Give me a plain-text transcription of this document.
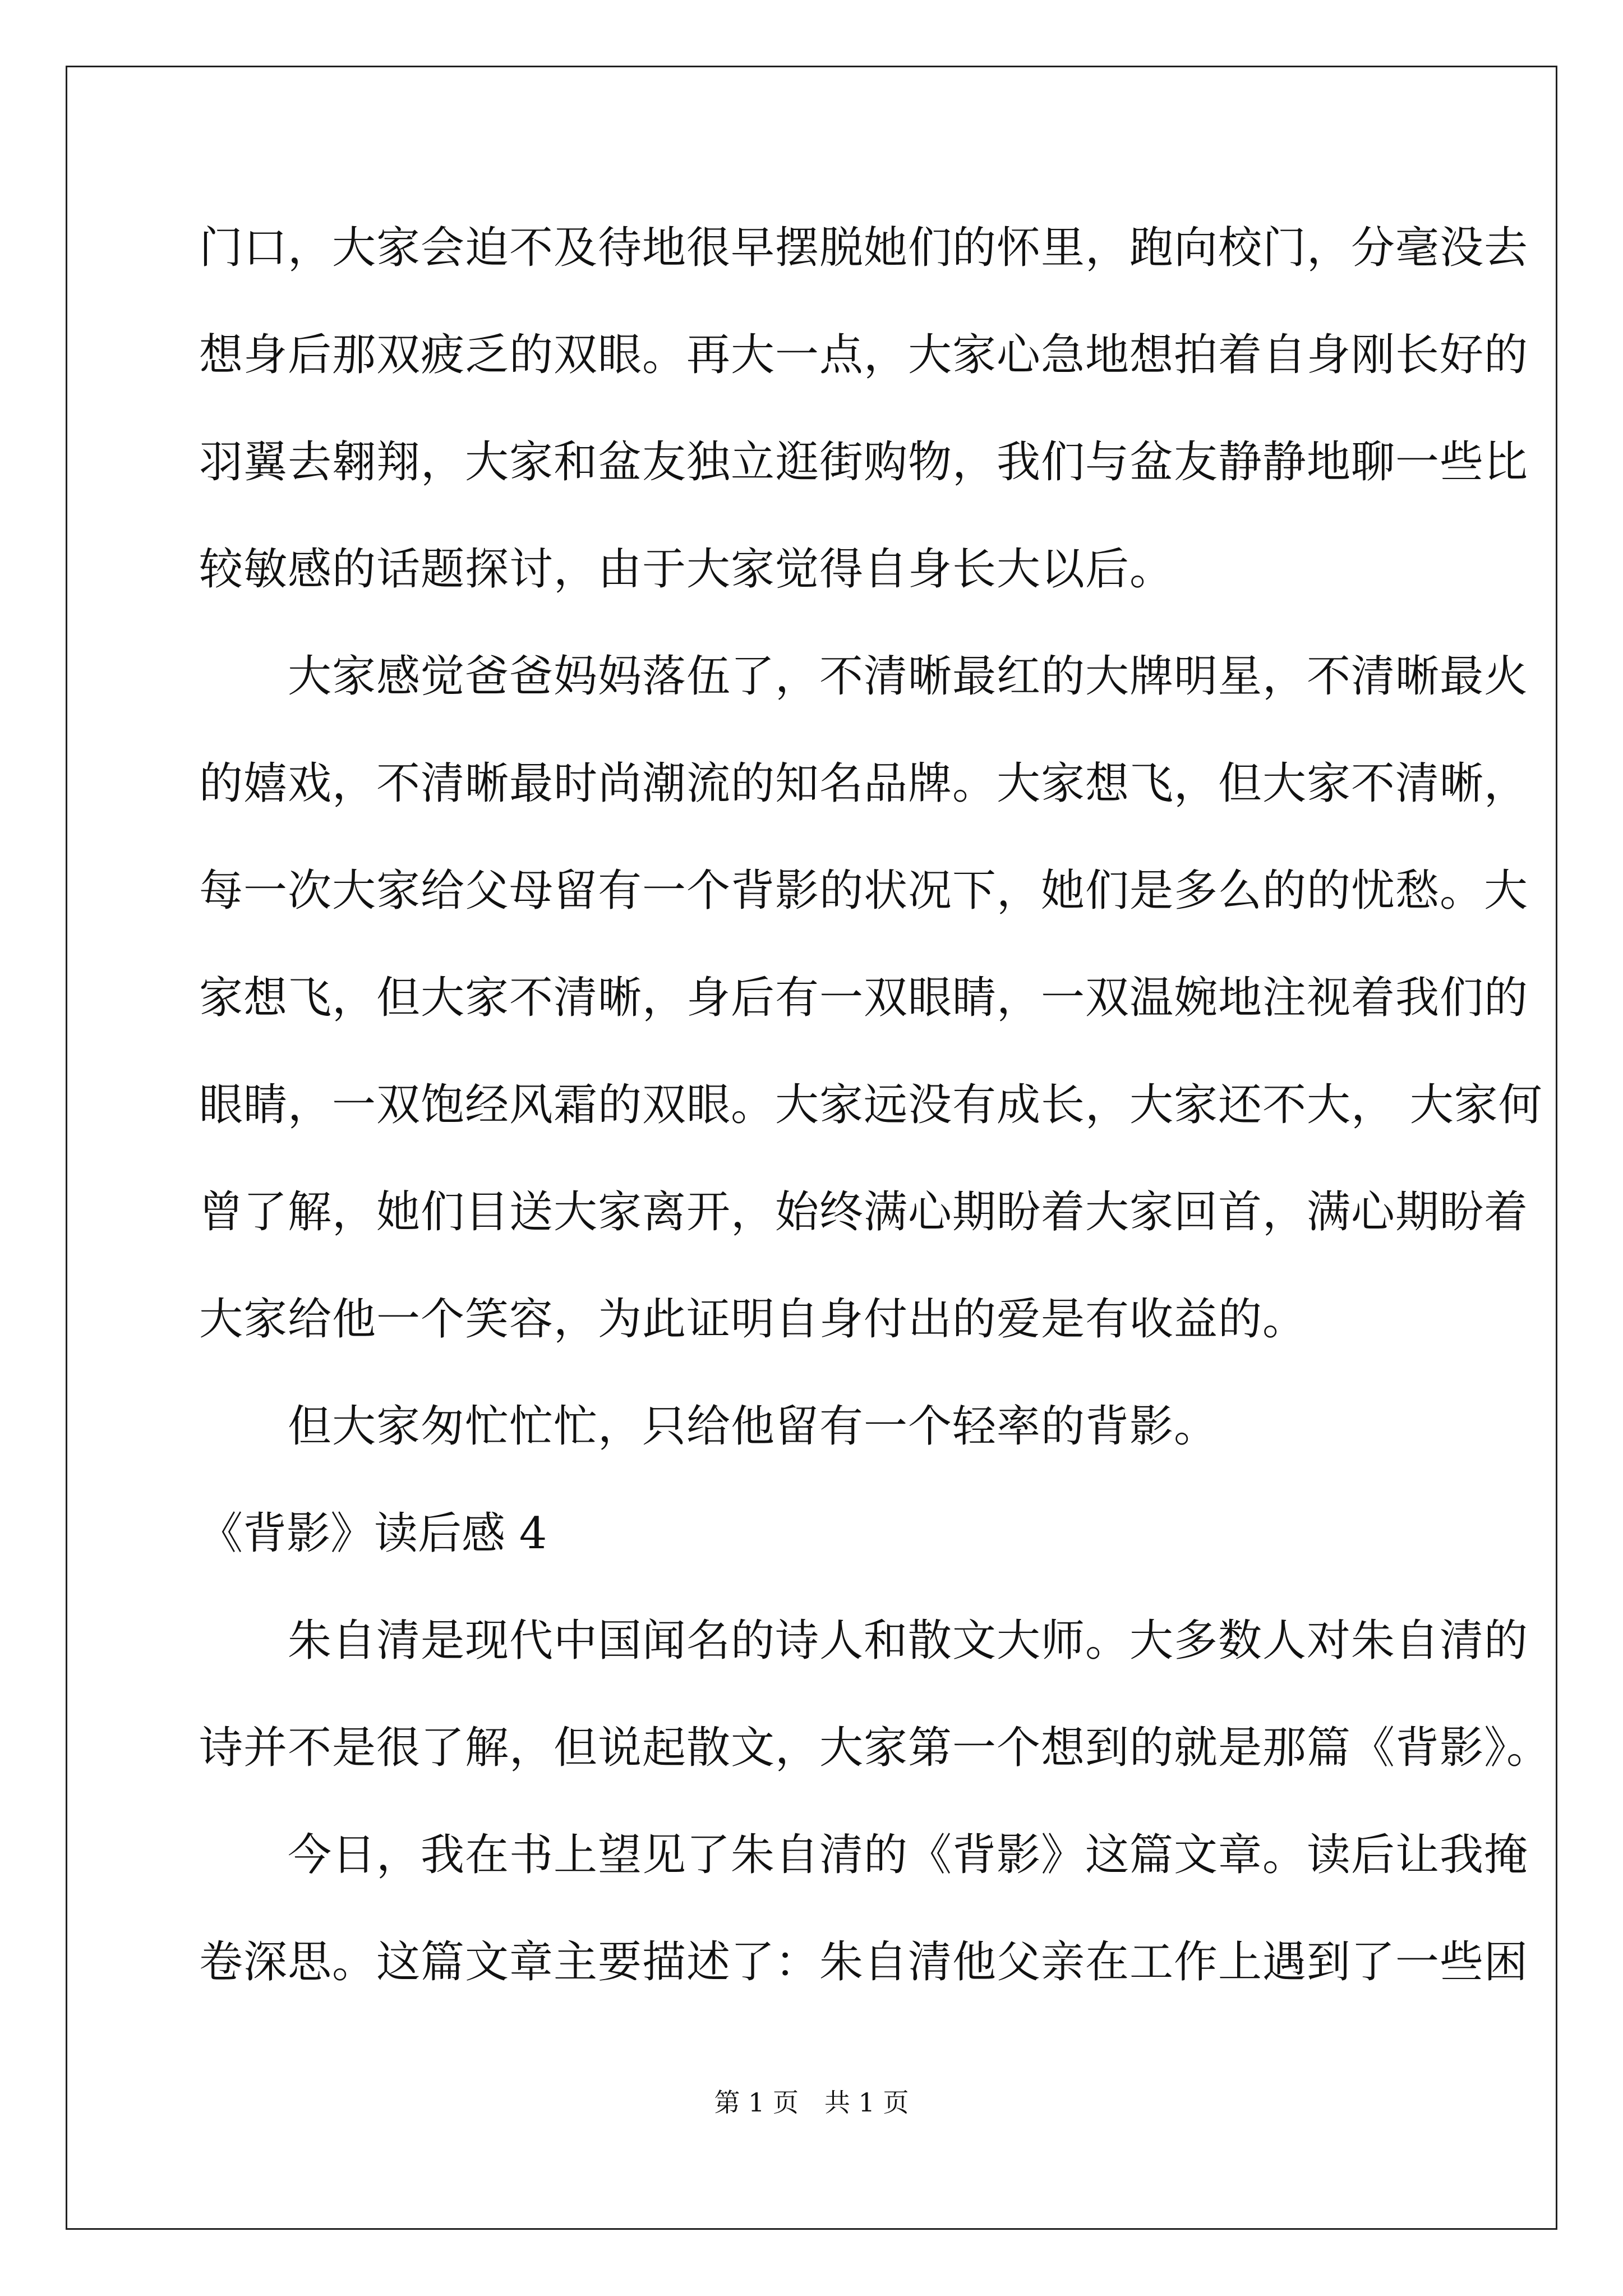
门口，大家会迫不及待地很早摆脱她们的怀里，跑向校门，分毫没去
想身后那双疲乏的双眼。再大一点，大家心急地想拍着自身刚长好的
羽翼去翱翔，大家和盆友独立逛街购物，我们与盆友静静地聊一些比
较敏感的话题探讨，由于大家觉得自身长大以后。
　　大家感觉爸爸妈妈落伍了，不清晰最红的大牌明星，不清晰最火
的嬉戏，不清晰最时尚潮流的知名品牌。大家想飞，但大家不清晰，
每一次大家给父母留有一个背影的状况下，她们是多么的的忧愁。大
家想飞，但大家不清晰，身后有一双眼睛，一双温婉地注视着我们的
眼睛，一双饱经风霜的双眼。大家远没有成长，大家还不大， 大家何
曾了解，她们目送大家离开，始终满心期盼着大家回首，满心期盼着
大家给他一个笑容，为此证明自身付出的爱是有收益的。
　　但大家匆忙忙忙，只给他留有一个轻率的背影。
《背影》读后感 4
　　朱自清是现代中国闻名的诗人和散文大师。大多数人对朱自清的
诗并不是很了解，但说起散文，大家第一个想到的就是那篇《背影》。
　　今日，我在书上望见了朱自清的《背影》这篇文章。读后让我掩
卷深思。这篇文章主要描述了：朱自清他父亲在工作上遇到了一些困
第 1 页　共 1 页
